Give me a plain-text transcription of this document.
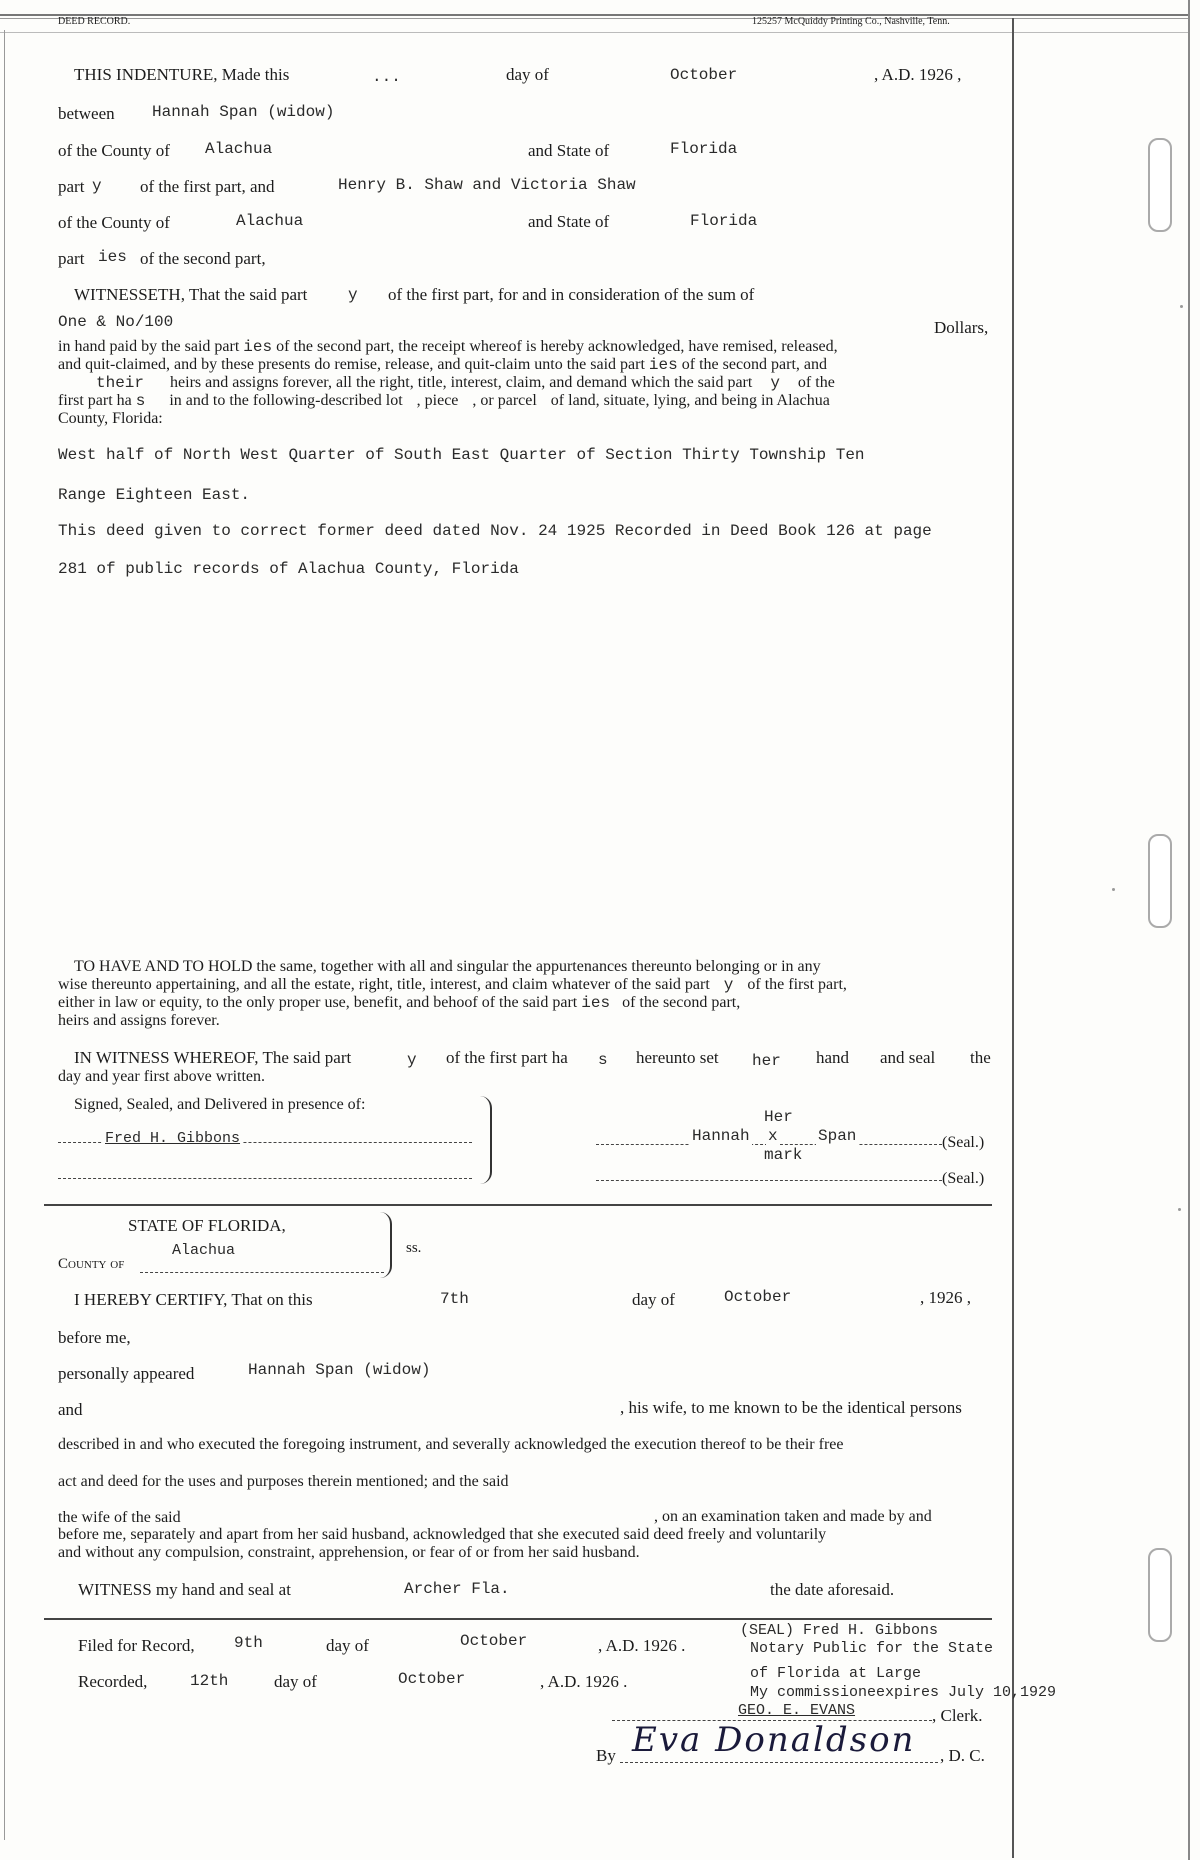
DEED RECORD.	125257 McQuiddy Printing Co., Nashville, Tenn.
THIS INDENTURE, Made this	...	day of	October	, A.D. 1926 ,
between Hannah Span (widow)
of the County of Alachua	and State of	Florida
part y of the first part, and	Henry B. Shaw and Victoria Shaw
of the County of	Alachua	and State of	Florida
part ies of the second part,
WITNESSETH, That the said part	y of the first part, for and in consideration of the sum of
One & No/100	Dollars,
in hand paid by the said part ies of the second part, the receipt whereof is hereby acknowledged, have remised, released,
and quit-claimed, and by these presents do remise, release, and quit-claim unto the said part ies of the second part, and
their heirs and assigns forever, all the right, title, interest, claim, and demand which the said part y of the
first part ha s in and to the following-described lot , piece , or parcel of land, situate, lying, and being in Alachua
County, Florida:
West half of North West Quarter of South East Quarter of Section Thirty Township Ten
Range Eighteen East.
This deed given to correct former deed dated Nov. 24 1925 Recorded in Deed Book 126 at page
281 of public records of Alachua County, Florida
TO HAVE AND TO HOLD the same, together with all and singular the appurtenances thereunto belonging or in any
wise thereunto appertaining, and all the estate, right, title, interest, and claim whatever of the said part y of the first part,
either in law or equity, to the only proper use, benefit, and behoof of the said part ies of the second part,
heirs and assigns forever.
IN WITNESS WHEREOF, The said part	y of the first part ha s hereunto set her hand and seal the
day and year first above written.
Signed, Sealed, and Delivered in presence of:
Fred H. Gibbons
Her
Hannah x	Span
mark
(Seal.)
(Seal.)
STATE OF FLORIDA,
ss.
Alachua
County of
I HEREBY CERTIFY, That on this	7th	day of	October	, 1926 ,
before me,
personally appeared	Hannah Span (widow)
and	, his wife, to me known to be the identical persons
described in and who executed the foregoing instrument, and severally acknowledged the execution thereof to be their free
act and deed for the uses and purposes therein mentioned; and the said
the wife of the said	, on an examination taken and made by and
before me, separately and apart from her said husband, acknowledged that she executed said deed freely and voluntarily
and without any compulsion, constraint, apprehension, or fear of or from her said husband.
WITNESS my hand and seal at	Archer Fla.	the date aforesaid.
(SEAL) Fred H. Gibbons
Notary Public for the State
of Florida at Large
My commissioneexpires July 10,1929
Filed for Record, 9th	day of	October	, A.D. 1926 .
Recorded,	12th	day of	October	, A.D. 1926 .
GEO. E. EVANS	, Clerk.
By Eva Donaldson , D. C.
